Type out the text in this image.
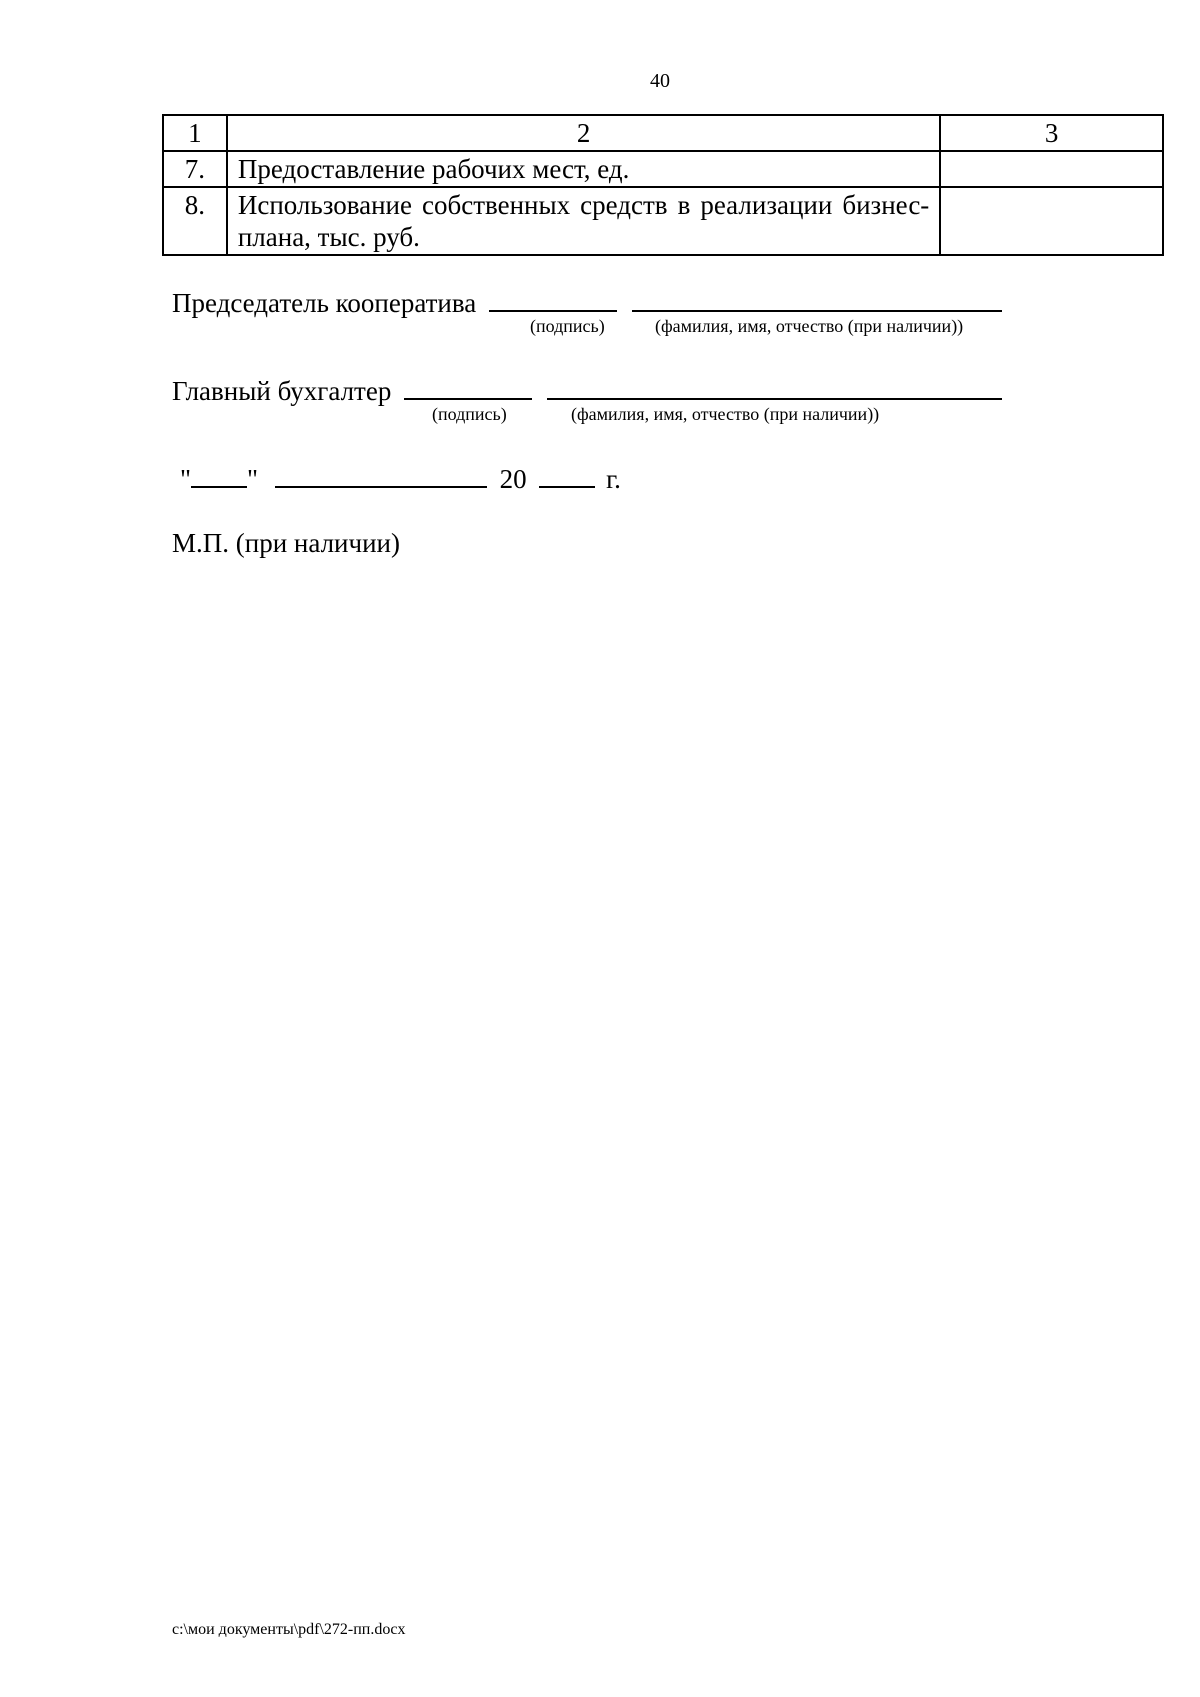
40
1	2	3
7.	Предоставление рабочих мест, ед.	
8.	Использование собственных средств в реализации бизнес-плана, тыс. руб.	
Председатель кооператива
(подпись)	(фамилия, имя, отчество (при наличии))
Главный бухгалтер
(подпись)	(фамилия, имя, отчество (при наличии))
" "	20	г.
М.П. (при наличии)
c:\мои документы\pdf\272-пп.docx
